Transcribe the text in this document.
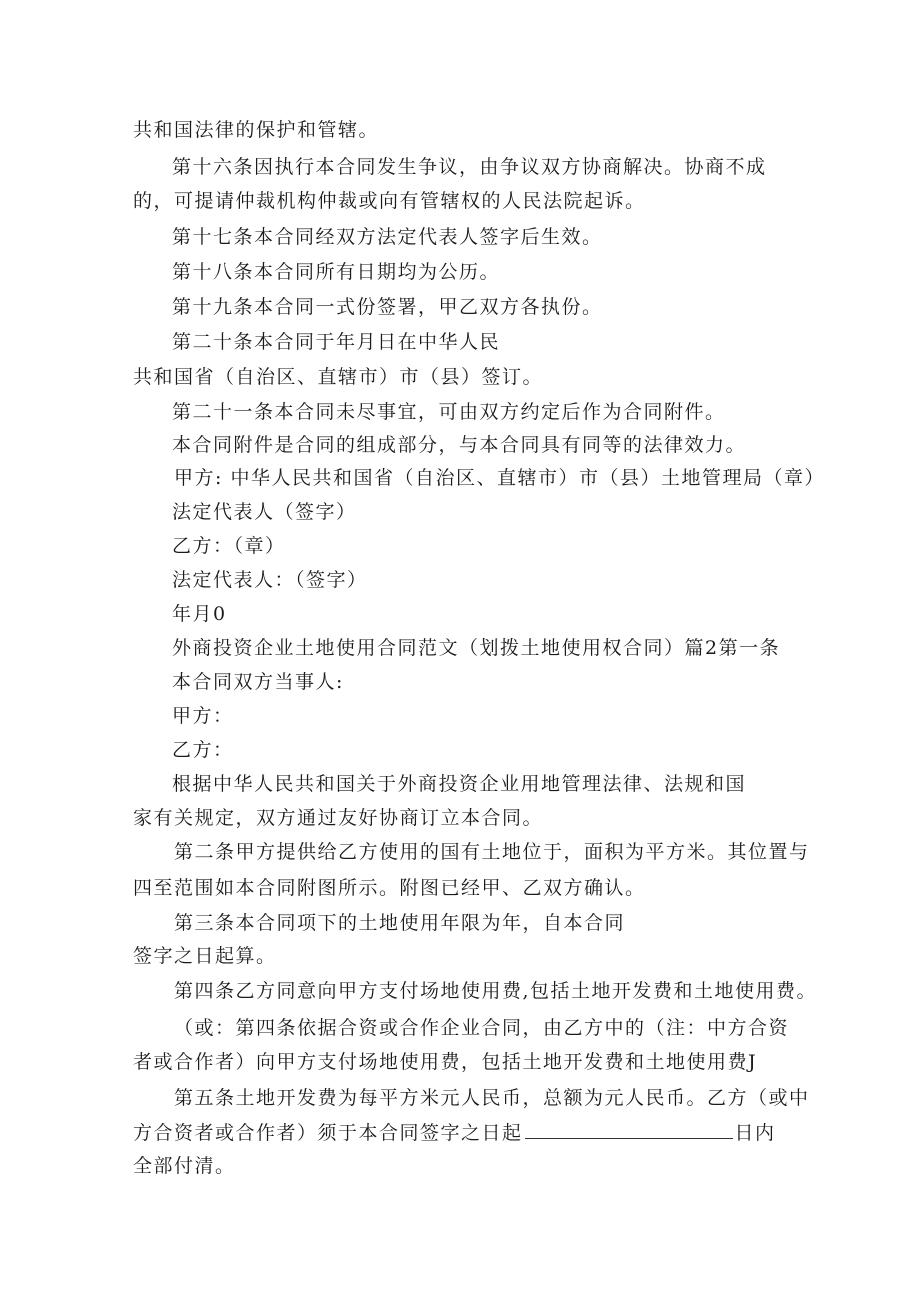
共和国法律的保护和管辖。
第十六条因执行本合同发生争议，由争议双方协商解决。协商不成
的，可提请仲裁机构仲裁或向有管辖权的人民法院起诉。
第十七条本合同经双方法定代表人签字后生效。
第十八条本合同所有日期均为公历。
第十九条本合同一式份签署，甲乙双方各执份。
第二十条本合同于年月日在中华人民
共和国省（自治区、直辖市）市（县）签订。
第二十一条本合同未尽事宜，可由双方约定后作为合同附件。
本合同附件是合同的组成部分，与本合同具有同等的法律效力。
甲方: 中华人民共和国省（自治区、直辖市）市（县）土地管理局（章）
法定代表人（签字）
乙方：（章）
法定代表人：（签字）
年月0
外商投资企业土地使用合同范文（划拨土地使用权合同）篇2第一条
本合同双方当事人:
甲方：
乙方：
根据中华人民共和国关于外商投资企业用地管理法律、法规和国
家有关规定，双方通过友好协商订立本合同。
第二条甲方提供给乙方使用的国有土地位于，面积为平方米。其位置与
四至范围如本合同附图所示。附图已经甲、乙双方确认。
第三条本合同项下的土地使用年限为年，自本合同
签字之日起算。
第四条乙方同意向甲方支付场地使用费,包括土地开发费和土地使用费。
（或：第四条依据合资或合作企业合同，由乙方中的（注：中方合资
者或合作者）向甲方支付场地使用费，包括土地开发费和土地使用费J
第五条土地开发费为每平方米元人民币，总额为元人民币。乙方（或中
方合资者或合作者）须于本合同签字之日起	日内
全部付清。
